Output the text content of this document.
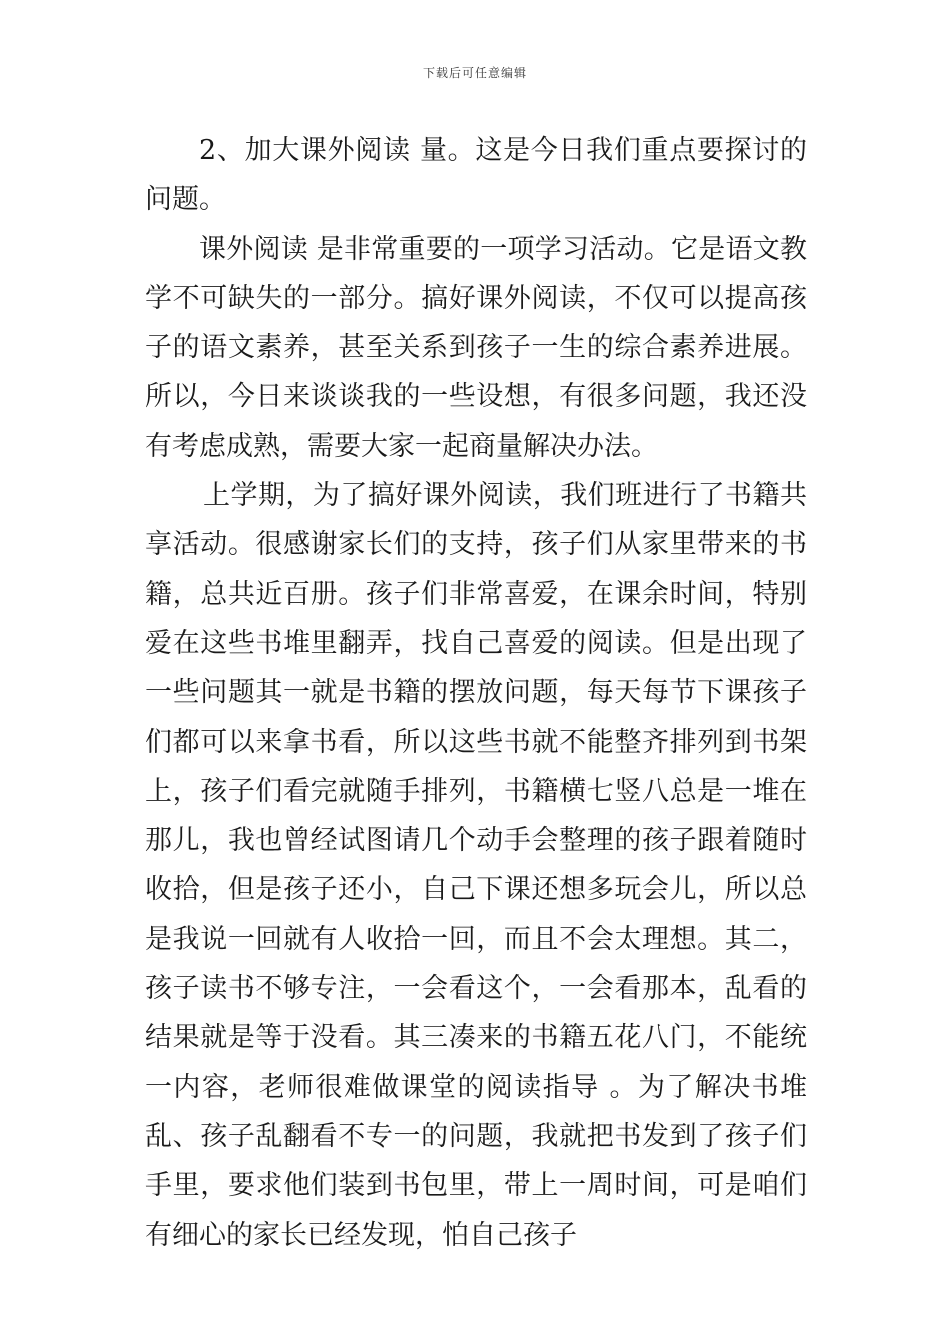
下载后可任意编辑

2、加大课外阅读 量。这是今日我们重点要探讨的问题。

课外阅读 是非常重要的一项学习活动。它是语文教学不可缺失的一部分。搞好课外阅读，不仅可以提高孩子的语文素养，甚至关系到孩子一生的综合素养进展。所以，今日来谈谈我的一些设想，有很多问题，我还没有考虑成熟，需要大家一起商量解决办法。

上学期，为了搞好课外阅读，我们班进行了书籍共享活动。很感谢家长们的支持，孩子们从家里带来的书籍，总共近百册。孩子们非常喜爱，在课余时间，特别爱在这些书堆里翻弄，找自己喜爱的阅读。但是出现了一些问题其一就是书籍的摆放问题，每天每节下课孩子们都可以来拿书看，所以这些书就不能整齐排列到书架上，孩子们看完就随手排列，书籍横七竖八总是一堆在那儿，我也曾经试图请几个动手会整理的孩子跟着随时收拾，但是孩子还小，自己下课还想多玩会儿，所以总是我说一回就有人收拾一回，而且不会太理想。其二，孩子读书不够专注，一会看这个，一会看那本，乱看的结果就是等于没看。其三凑来的书籍五花八门，不能统一内容，老师很难做课堂的阅读指导 。为了解决书堆乱、孩子乱翻看不专一的问题，我就把书发到了孩子们手里，要求他们装到书包里，带上一周时间，可是咱们有细心的家长已经发现，怕自己孩子
